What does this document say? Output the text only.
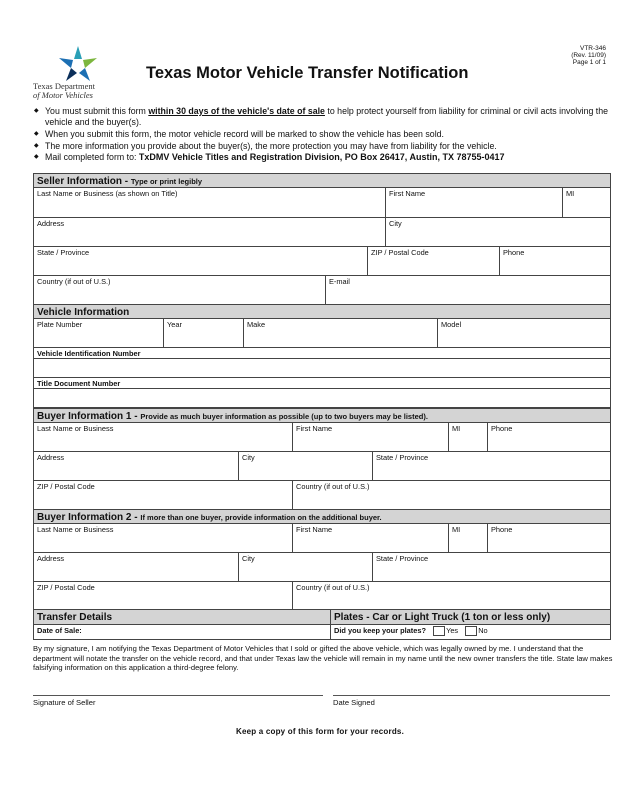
VTR-346
(Rev. 11/09)
Page 1 of 1
Texas Department
of Motor Vehicles
Texas Motor Vehicle Transfer Notification
◆ You must submit this form within 30 days of the vehicle's date of sale to help protect yourself from liability for criminal or civil acts involving the vehicle and the buyer(s).
◆ When you submit this form, the motor vehicle record will be marked to show the vehicle has been sold.
◆ The more information you provide about the buyer(s), the more protection you may have from liability for the vehicle.
◆ Mail completed form to: TxDMV Vehicle Titles and Registration Division, PO Box 26417, Austin, TX 78755-0417
Seller Information - Type or print legibly								
Last Name or Business (as shown on Title)					First Name			MI
Address					City			
State / Province				ZIP / Postal Code			Phone	
Country (if out of U.S.)			E-mail					
Vehicle Information								
Plate Number	Year	Make				Model		
Vehicle Identification Number								

Title Document Number								

Buyer Information 1 - Provide as much buyer information as possible (up to two buyers may be listed).					
Last Name or Business		First Name		MI	Phone
Address	City		State / Province		
ZIP / Postal Code		Country (if out of U.S.)			
Buyer Information 2 - If more than one buyer, provide information on the additional buyer.					
Last Name or Business		First Name		MI	Phone
Address	City		State / Province		
ZIP / Postal Code		Country (if out of U.S.)			
Transfer Details	Plates - Car or Light Truck (1 ton or less only)
Date of Sale:	Did you keep your plates? Yes No
By my signature, I am notifying the Texas Department of Motor Vehicles that I sold or gifted the above vehicle, which was legally owned by me. I understand that the department will notate the transfer on the vehicle record, and that under Texas law the vehicle will remain in my name until the new owner transfers the title. State law makes falsifying information on this application a third-degree felony.
Signature of Seller	Date Signed
Keep a copy of this form for your records.
